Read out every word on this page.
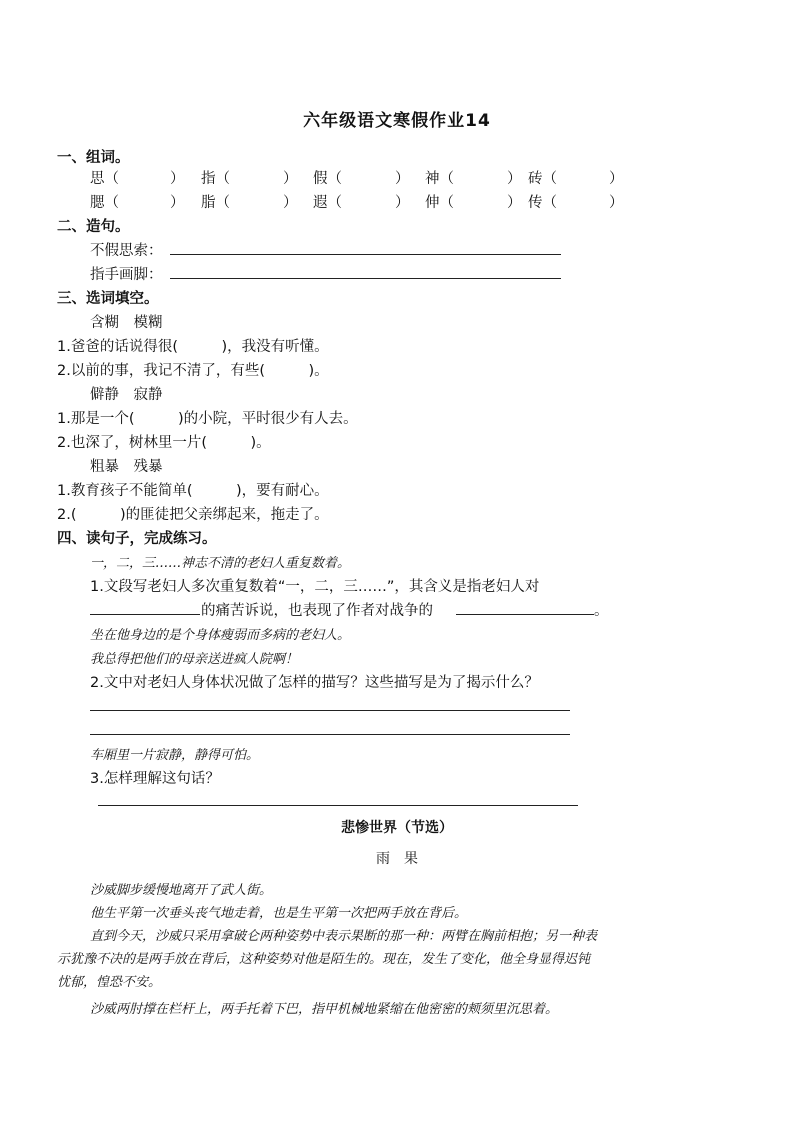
六年级语文寒假作业14
一、组词。
思（	） 指（	） 假（	） 神（	） 砖（	）
腮（	） 脂（	） 遐（	） 伸（	） 传（	）
二、造句。
不假思索：
指手画脚：
三、选词填空。
含糊　模糊
1.爸爸的话说得很(　　　)，我没有听懂。
2.以前的事，我记不清了，有些(　　　)。
僻静　寂静
1.那是一个(　　　)的小院，平时很少有人去。
2.也深了，树林里一片(　　　)。
粗暴　残暴
1.教育孩子不能简单(　　　)，要有耐心。
2.(　　　)的匪徒把父亲绑起来，拖走了。
四、读句子，完成练习。
一，二，三……神志不清的老妇人重复数着。
1.文段写老妇人多次重复数着“一，二，三……”，其含义是指老妇人对
的痛苦诉说，也表现了作者对战争的	。
坐在他身边的是个身体瘦弱而多病的老妇人。
我总得把他们的母亲送进疯人院啊！
2.文中对老妇人身体状况做了怎样的描写？这些描写是为了揭示什么？
车厢里一片寂静，静得可怕。
3.怎样理解这句话？
悲惨世界（节选）
雨　果
沙威脚步缓慢地离开了武人街。
他生平第一次垂头丧气地走着，也是生平第一次把两手放在背后。
直到今天，沙威只采用拿破仑两种姿势中表示果断的那一种：两臂在胸前相抱；另一种表
示犹豫不决的是两手放在背后，这种姿势对他是陌生的。现在，发生了变化，他全身显得迟钝
忧郁，惶恐不安。
沙威两肘撑在栏杆上，两手托着下巴，指甲机械地紧缩在他密密的颊须里沉思着。
